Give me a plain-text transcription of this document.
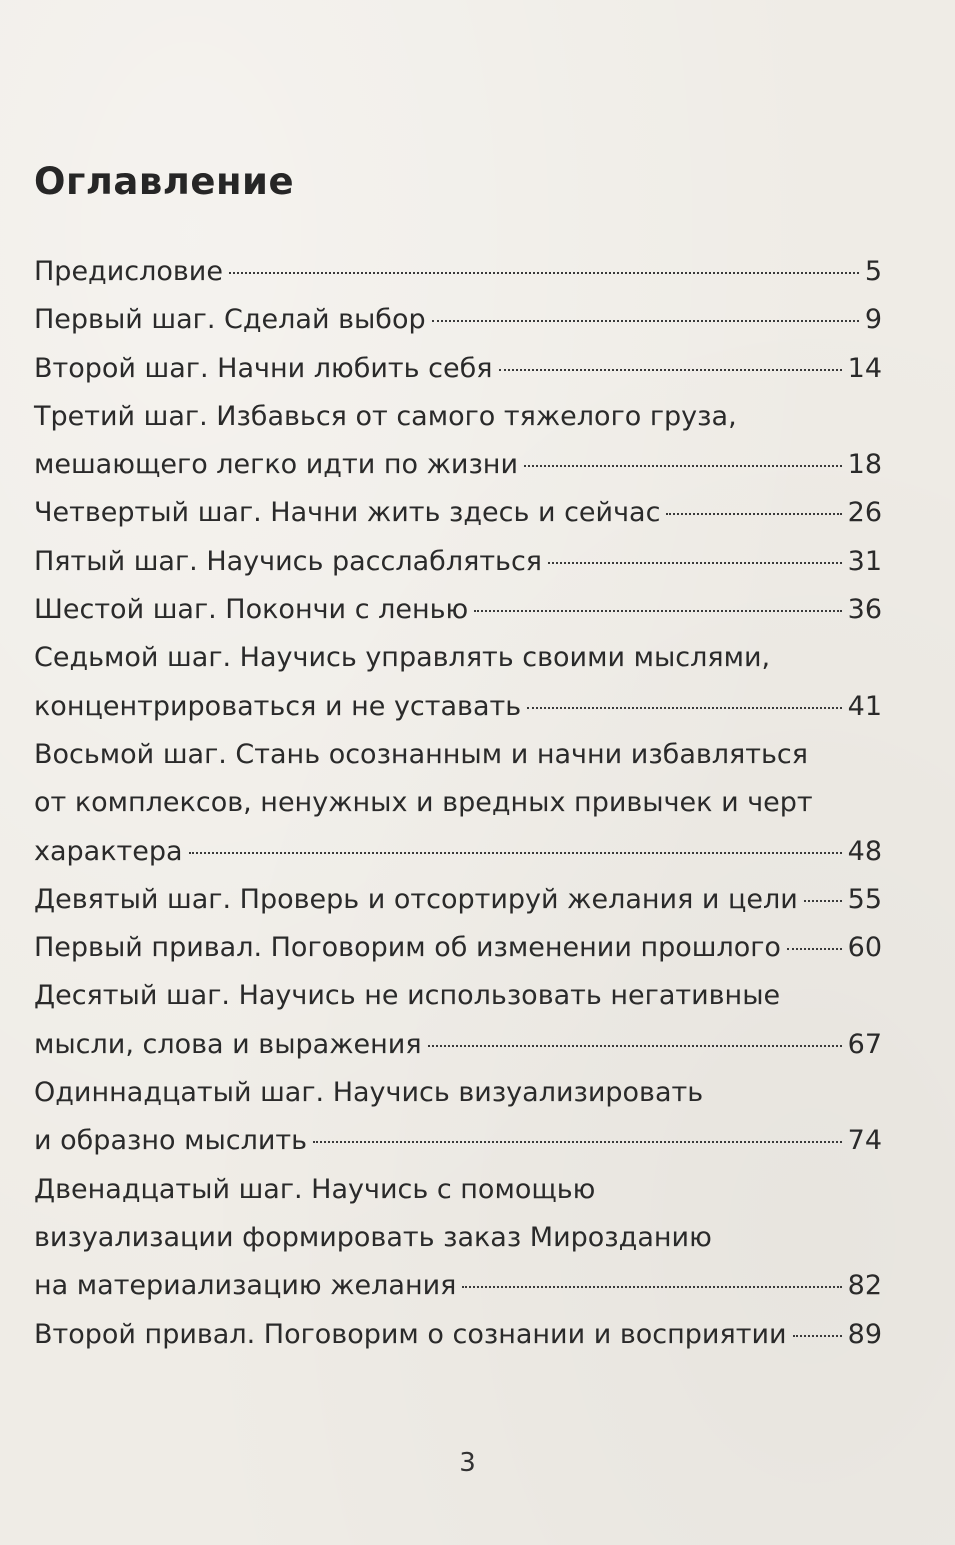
Оглавление
Предисловие	5
Первый шаг. Сделай выбор	9
Второй шаг. Начни любить себя	14
Третий шаг. Избавься от самого тяжелого груза,
мешающего легко идти по жизни	18
Четвертый шаг. Начни жить здесь и сейчас	26
Пятый шаг. Научись расслабляться	31
Шестой шаг. Покончи с ленью	36
Седьмой шаг. Научись управлять своими мыслями,
концентрироваться и не уставать	41
Восьмой шаг. Стань осознанным и начни избавляться
от комплексов, ненужных и вредных привычек и черт
характера	48
Девятый шаг. Проверь и отсортируй желания и цели 55
Первый привал. Поговорим об изменении прошлого 60
Десятый шаг. Научись не использовать негативные
мысли, слова и выражения	67
Одиннадцатый шаг. Научись визуализировать
и образно мыслить	74
Двенадцатый шаг. Научись с помощью
визуализации формировать заказ Мирозданию
на материализацию желания	82
Второй привал. Поговорим о сознании и восприятии 89
3
